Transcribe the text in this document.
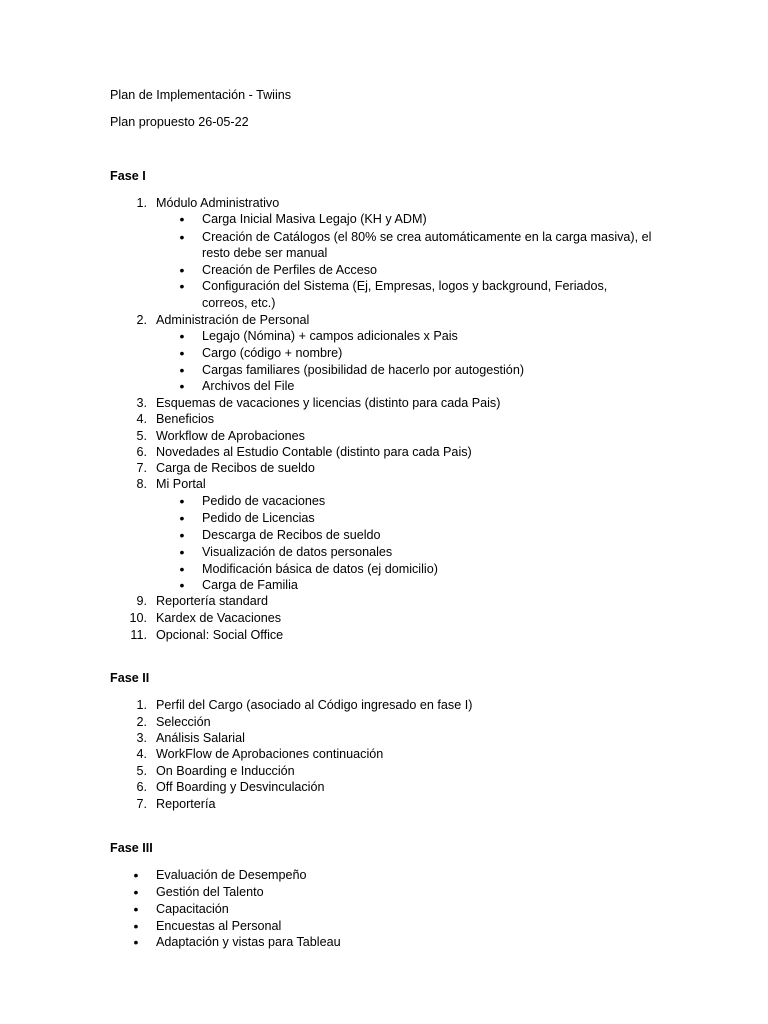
Plan de Implementación - Twiins
Plan propuesto 26-05-22
Fase I
1. Módulo Administrativo
• Carga Inicial Masiva Legajo (KH y ADM)
• Creación de Catálogos (el 80% se crea automáticamente en la carga masiva), el
resto debe ser manual
• Creación de Perfiles de Acceso
• Configuración del Sistema (Ej, Empresas, logos y background, Feriados,
correos, etc.)
2. Administración de Personal
• Legajo (Nómina) + campos adicionales x Pais
• Cargo (código + nombre)
• Cargas familiares (posibilidad de hacerlo por autogestión)
• Archivos del File
3. Esquemas de vacaciones y licencias (distinto para cada Pais)
4. Beneficios
5. Workflow de Aprobaciones
6. Novedades al Estudio Contable (distinto para cada Pais)
7. Carga de Recibos de sueldo
8. Mi Portal
• Pedido de vacaciones
• Pedido de Licencias
• Descarga de Recibos de sueldo
• Visualización de datos personales
• Modificación básica de datos (ej domicilio)
• Carga de Familia
9. Reportería standard
10. Kardex de Vacaciones
11. Opcional: Social Office
Fase II
1. Perfil del Cargo (asociado al Código ingresado en fase I)
2. Selección
3. Análisis Salarial
4. WorkFlow de Aprobaciones continuación
5. On Boarding e Inducción
6. Off Boarding y Desvinculación
7. Reportería
Fase III
• Evaluación de Desempeño
• Gestión del Talento
• Capacitación
• Encuestas al Personal
• Adaptación y vistas para Tableau
